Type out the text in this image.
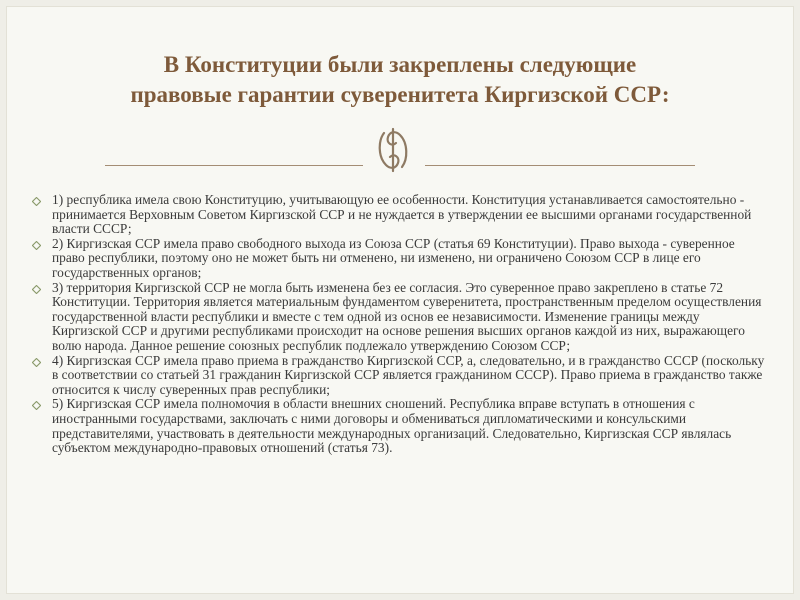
В Конституции были закреплены следующие
правовые гарантии суверенитета Киргизской ССР:
1) республика имела свою Конституцию, учитывающую ее особенности. Конституция устанавливается самостоятельно - принимается Верховным Советом Киргизской ССР и не нуждается в утверждении ее высшими органами государственной власти СССР;
2) Киргизская ССР имела право свободного выхода из Союза ССР (статья 69 Конституции). Право выхода - суверенное право республики, поэтому оно не может быть ни отменено, ни изменено, ни ограничено Союзом ССР в лице его государственных органов;
3) территория Киргизской ССР не могла быть изменена без ее согласия. Это суверенное право закреплено в статье 72 Конституции. Территория является материальным фундаментом суверенитета, пространственным пределом осуществления государственной власти республики и вместе с тем одной из основ ее независимости. Изменение границы между Киргизской ССР и другими республиками происходит на основе решения высших органов каждой из них, выражающего волю народа. Данное решение союзных республик подлежало утверждению Союзом ССР;
4) Киргизская ССР имела право приема в гражданство Киргизской ССР, а, следовательно, и в гражданство СССР (поскольку в соответствии со статьей 31 гражданин Киргизской ССР является гражданином СССР). Право приема в гражданство также относится к числу суверенных прав республики;
5) Киргизская ССР имела полномочия в области внешних сношений. Республика вправе вступать в отношения с иностранными государствами, заключать с ними договоры и обмениваться дипломатическими и консульскими представителями, участвовать в деятельности международных организаций. Следовательно, Киргизская ССР являлась субъектом международно-правовых отношений (статья 73).
